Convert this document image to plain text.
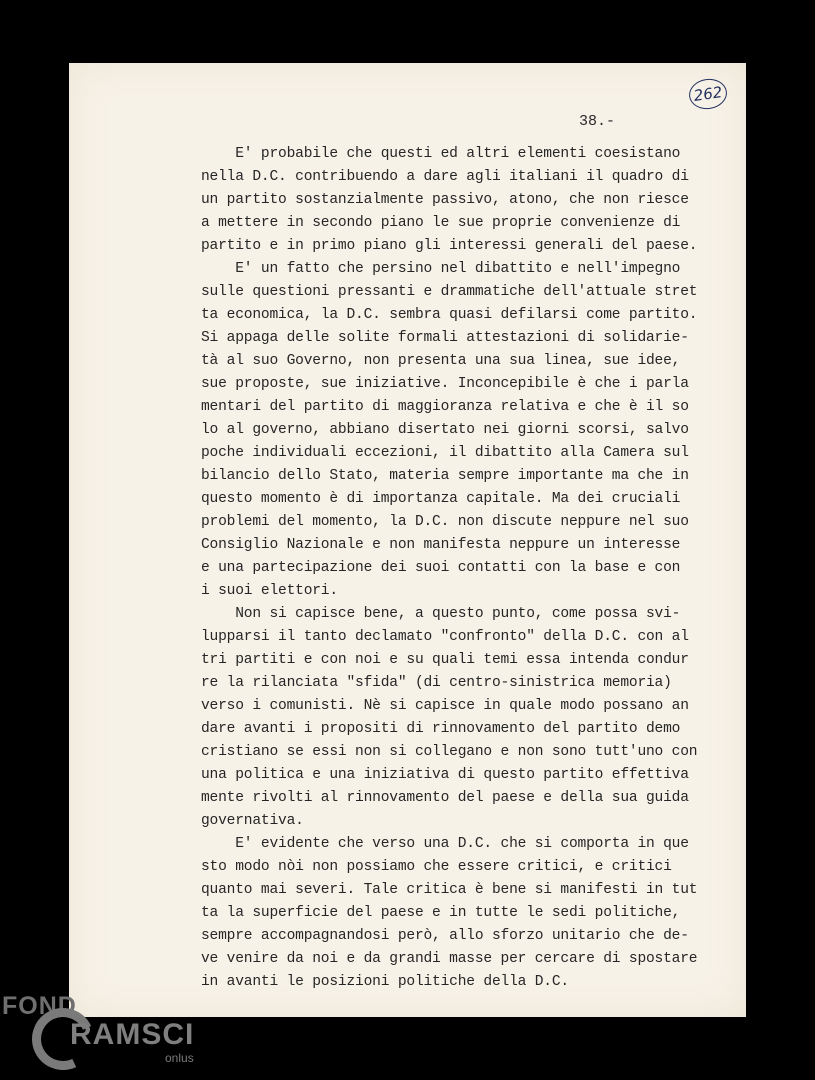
262
38.-
E' probabile che questi ed altri elementi coesistano
nella D.C. contribuendo a dare agli italiani il quadro di
un partito sostanzialmente passivo, atono, che non riesce
a mettere in secondo piano le sue proprie convenienze di
partito e in primo piano gli interessi generali del paese.
E' un fatto che persino nel dibattito e nell'impegno
sulle questioni pressanti e drammatiche dell'attuale stret
ta economica, la D.C. sembra quasi defilarsi come partito.
Si appaga delle solite formali attestazioni di solidarie-
tà al suo Governo, non presenta una sua linea, sue idee,
sue proposte, sue iniziative. Inconcepibile è che i parla
mentari del partito di maggioranza relativa e che è il so
lo al governo, abbiano disertato nei giorni scorsi, salvo
poche individuali eccezioni, il dibattito alla Camera sul
bilancio dello Stato, materia sempre importante ma che in
questo momento è di importanza capitale. Ma dei cruciali
problemi del momento, la D.C. non discute neppure nel suo
Consiglio Nazionale e non manifesta neppure un interesse
e una partecipazione dei suoi contatti con la base e con
i suoi elettori.
Non si capisce bene, a questo punto, come possa svi-
lupparsi il tanto declamato "confronto" della D.C. con al
tri partiti e con noi e su quali temi essa intenda condur
re la rilanciata "sfida" (di centro-sinistrica memoria)
verso i comunisti. Nè si capisce in quale modo possano an
dare avanti i propositi di rinnovamento del partito demo
cristiano se essi non si collegano e non sono tutt'uno con
una politica e una iniziativa di questo partito effettiva
mente rivolti al rinnovamento del paese e della sua guida
governativa.
E' evidente che verso una D.C. che si comporta in que
sto modo nòi non possiamo che essere critici, e critici
quanto mai severi. Tale critica è bene si manifesti in tut
ta la superficie del paese e in tutte le sedi politiche,
sempre accompagnandosi però, allo sforzo unitario che de-
ve venire da noi e da grandi masse per cercare di spostare
in avanti le posizioni politiche della D.C.
FOND
RAMSCI
onlus
